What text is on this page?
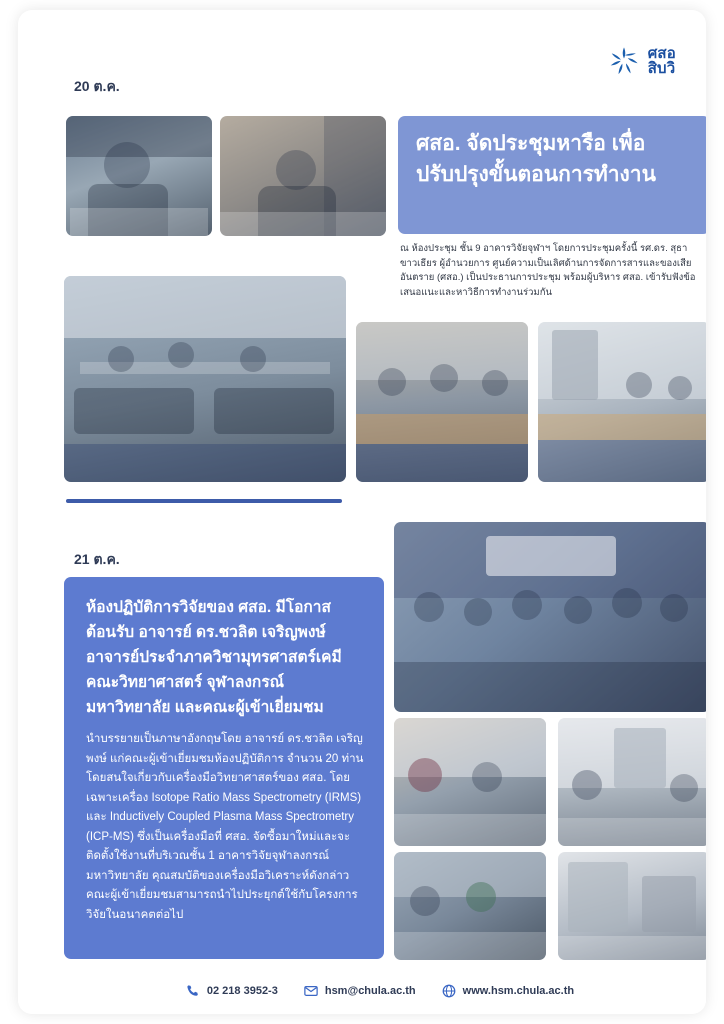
ศสอ
สิบวิ
20 ต.ค.
ศสอ. จัดประชุมหารือ เพื่อปรับปรุงขั้นตอนการทำงาน
ณ ห้องประชุม ชั้น 9 อาคารวิจัยจุฬาฯ โดยการประชุมครั้งนี้ รศ.ดร. สุธา ขาวเธียร ผู้อำนวยการ ศูนย์ความเป็นเลิศด้านการจัดการสารและของเสียอันตราย (ศสอ.) เป็นประธานการประชุม พร้อมผู้บริหาร ศสอ. เข้ารับฟังข้อเสนอแนะและหาวิธีการทำงานร่วมกัน
21 ต.ค.
ห้องปฏิบัติการวิจัยของ ศสอ. มีโอกาสต้อนรับ อาจารย์ ดร.ชวลิต เจริญพงษ์ อาจารย์ประจำภาควิชามุทรศาสตร์เคมี คณะวิทยาศาสตร์ จุฬาลงกรณ์มหาวิทยาลัย และคณะผู้เข้าเยี่ยมชม
นำบรรยายเป็นภาษาอังกฤษโดย อาจารย์ ดร.ชวลิต เจริญพงษ์ แก่คณะผู้เข้าเยี่ยมชมห้องปฏิบัติการ จำนวน 20 ท่าน โดยสนใจเกี่ยวกับเครื่องมือวิทยาศาสตร์ของ ศสอ. โดยเฉพาะเครื่อง Isotope Ratio Mass Spectrometry (IRMS) และ Inductively Coupled Plasma Mass Spectrometry (ICP-MS) ซึ่งเป็นเครื่องมือที่ ศสอ. จัดซื้อมาใหม่และจะติดตั้งใช้งานที่บริเวณชั้น 1 อาคารวิจัยจุฬาลงกรณ์มหาวิทยาลัย คุณสมบัติของเครื่องมือวิเคราะห์ดังกล่าว คณะผู้เข้าเยี่ยมชมสามารถนำไปประยุกต์ใช้กับโครงการวิจัยในอนาคตต่อไป
02 218 3952-3	hsm@chula.ac.th	www.hsm.chula.ac.th
